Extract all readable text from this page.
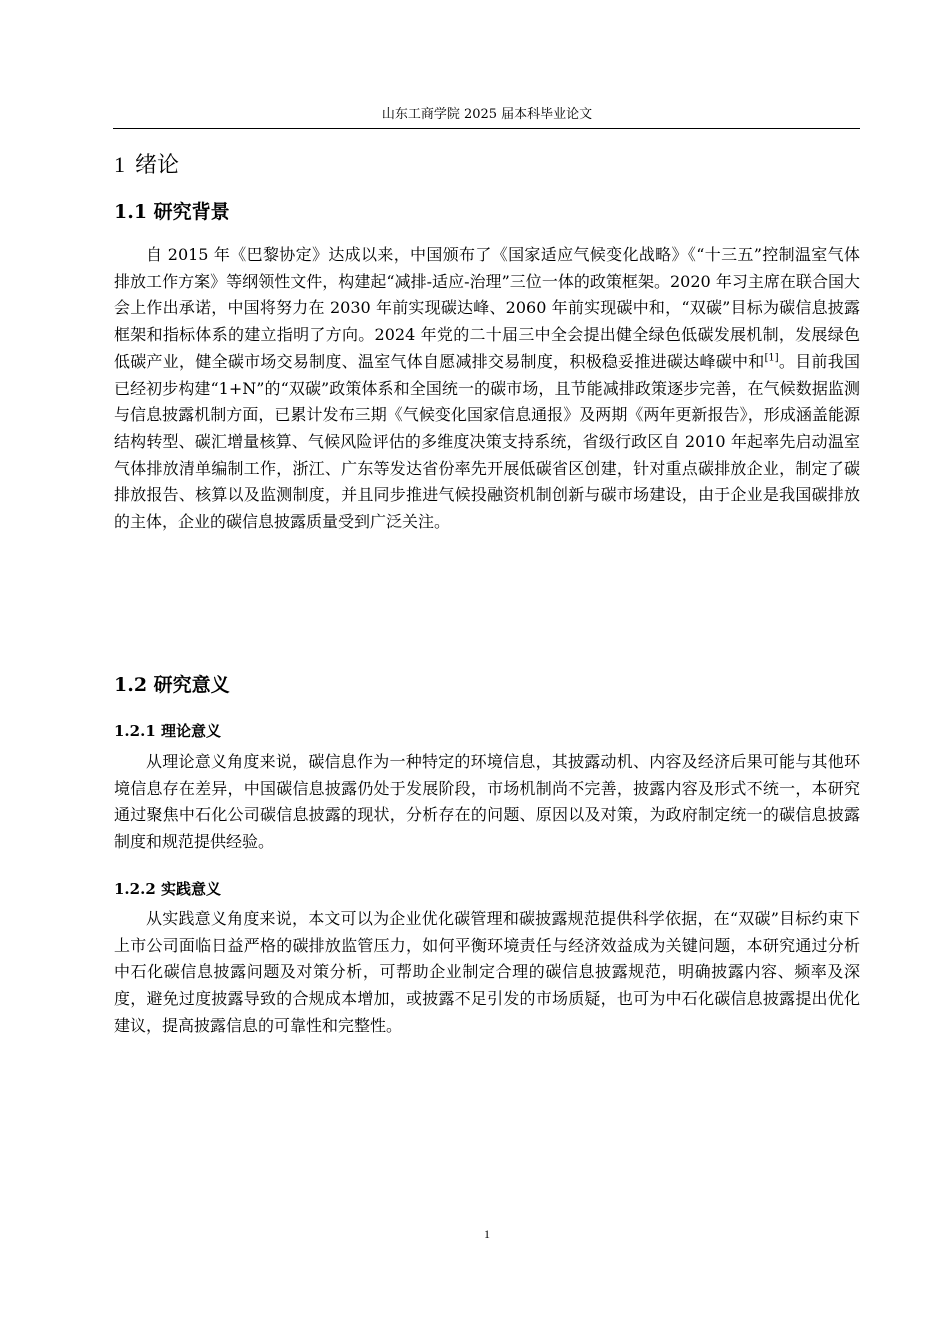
山东工商学院 2025 届本科毕业论文
1 绪论
1.1 研究背景

自 2015 年《巴黎协定》达成以来，中国颁布了《国家适应气候变化战略》《“十三五”控制温室气体排放工作方案》等纲领性文件，构建起“减排-适应-治理”三位一体的政策框架。2020 年习主席在联合国大会上作出承诺，中国将努力在 2030 年前实现碳达峰、2060 年前实现碳中和，“双碳”目标为碳信息披露框架和指标体系的建立指明了方向。2024 年党的二十届三中全会提出健全绿色低碳发展机制，发展绿色低碳产业，健全碳市场交易制度、温室气体自愿减排交易制度，积极稳妥推进碳达峰碳中和[1]。目前我国已经初步构建“1+N”的“双碳”政策体系和全国统一的碳市场，且节能减排政策逐步完善，在气候数据监测与信息披露机制方面，已累计发布三期《气候变化国家信息通报》及两期《两年更新报告》，形成涵盖能源结构转型、碳汇增量核算、气候风险评估的多维度决策支持系统，省级行政区自 2010 年起率先启动温室气体排放清单编制工作，浙江、广东等发达省份率先开展低碳省区创建，针对重点碳排放企业，制定了碳排放报告、核算以及监测制度，并且同步推进气候投融资机制创新与碳市场建设，由于企业是我国碳排放的主体，企业的碳信息披露质量受到广泛关注。

1.2 研究意义
1.2.1 理论意义

从理论意义角度来说，碳信息作为一种特定的环境信息，其披露动机、内容及经济后果可能与其他环境信息存在差异，中国碳信息披露仍处于发展阶段，市场机制尚不完善，披露内容及形式不统一，本研究通过聚焦中石化公司碳信息披露的现状，分析存在的问题、原因以及对策，为政府制定统一的碳信息披露制度和规范提供经验。

1.2.2 实践意义

从实践意义角度来说，本文可以为企业优化碳管理和碳披露规范提供科学依据，在“双碳”目标约束下上市公司面临日益严格的碳排放监管压力，如何平衡环境责任与经济效益成为关键问题，本研究通过分析中石化碳信息披露问题及对策分析，可帮助企业制定合理的碳信息披露规范，明确披露内容、频率及深度，避免过度披露导致的合规成本增加，或披露不足引发的市场质疑，也可为中石化碳信息披露提出优化建议，提高披露信息的可靠性和完整性。

1
